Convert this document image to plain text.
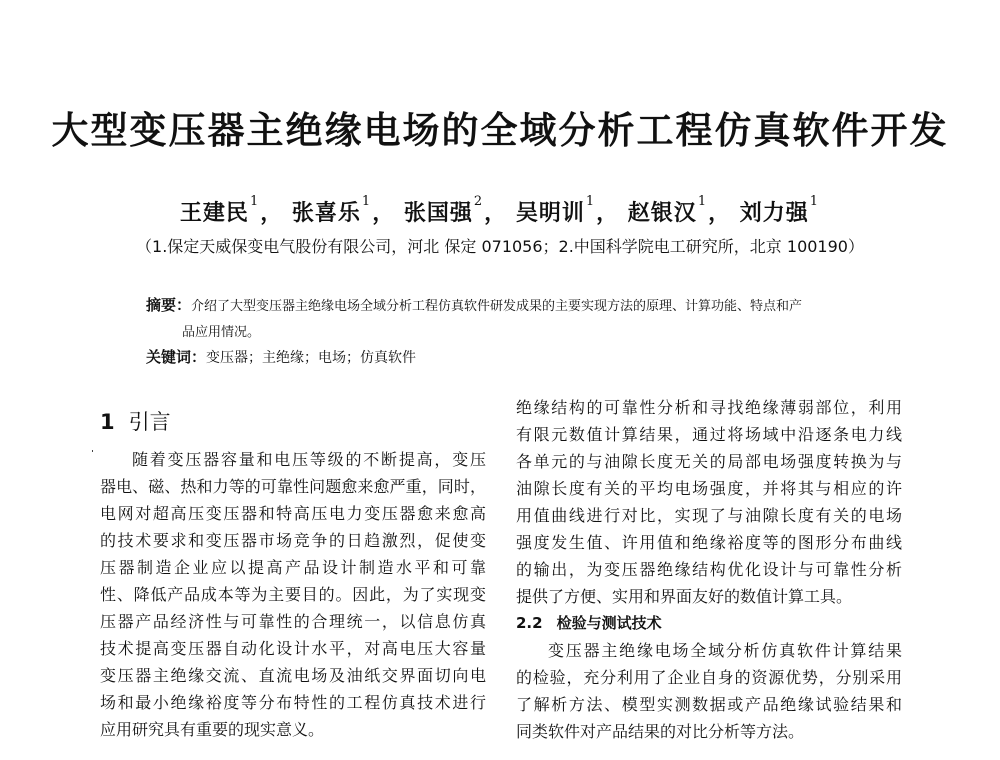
大型变压器主绝缘电场的全域分析工程仿真软件开发
王建民$^1$， 张喜乐$^1$， 张国强$^2$， 吴明训$^1$， 赵银汉$^1$， 刘力强$^1$
（1.保定天威保变电气股份有限公司，河北 保定 071056；2.中国科学院电工研究所，北京 100190）
摘要：介绍了大型变压器主绝缘电场全域分析工程仿真软件研发成果的主要实现方法的原理、计算功能、特点和产
品应用情况。
关键词：变压器；主绝缘；电场；仿真软件
1 引言
随着变压器容量和电压等级的不断提高，变压
器电、磁、热和力等的可靠性问题愈来愈严重，同时，
电网对超高压变压器和特高压电力变压器愈来愈高
的技术要求和变压器市场竞争的日趋激烈，促使变
压器制造企业应以提高产品设计制造水平和可靠
性、降低产品成本等为主要目的。因此，为了实现变
压器产品经济性与可靠性的合理统一，以信息仿真
技术提高变压器自动化设计水平，对高电压大容量
变压器主绝缘交流、直流电场及油纸交界面切向电
场和最小绝缘裕度等分布特性的工程仿真技术进行
应用研究具有重要的现实意义。
绝缘结构的可靠性分析和寻找绝缘薄弱部位，利用
有限元数值计算结果，通过将场域中沿逐条电力线
各单元的与油隙长度无关的局部电场强度转换为与
油隙长度有关的平均电场强度，并将其与相应的许
用值曲线进行对比，实现了与油隙长度有关的电场
强度发生值、许用值和绝缘裕度等的图形分布曲线
的输出，为变压器绝缘结构优化设计与可靠性分析
提供了方便、实用和界面友好的数值计算工具。
2.2 检验与测试技术
变压器主绝缘电场全域分析仿真软件计算结果
的检验，充分利用了企业自身的资源优势，分别采用
了解析方法、模型实测数据或产品绝缘试验结果和
同类软件对产品结果的对比分析等方法。
